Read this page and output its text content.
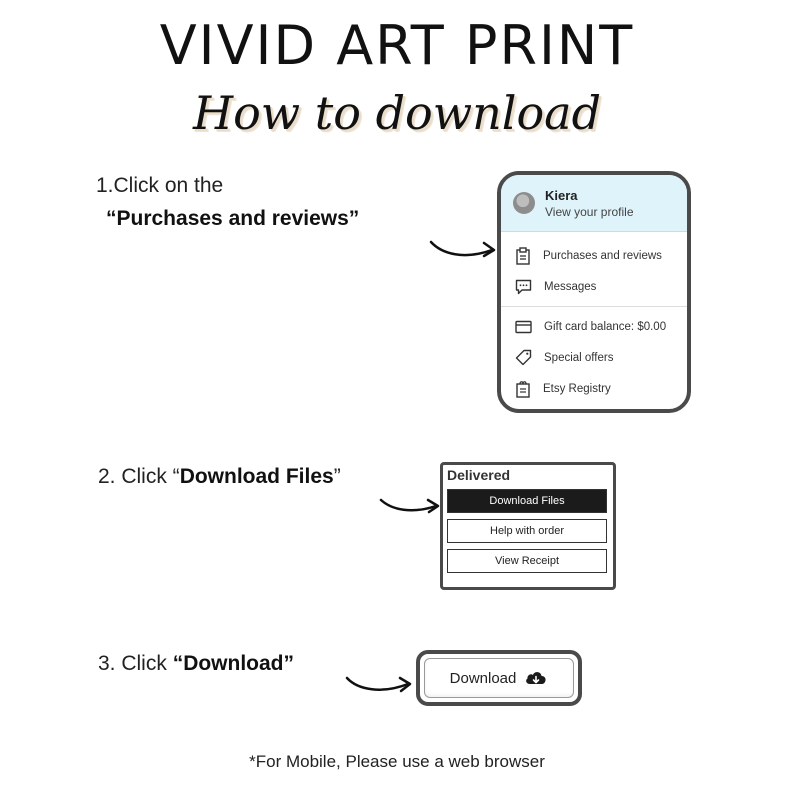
VIVID ART PRINT
How to download
1.Click on the
“Purchases and reviews”
Kiera
View your profile
Purchases and reviews
Messages
Gift card balance: $0.00
Special offers
Etsy Registry
2. Click “Download Files”	Delivered
Download Files
Help with order
View Receipt
3. Click “Download”
Download
*For Mobile, Please use a web browser
